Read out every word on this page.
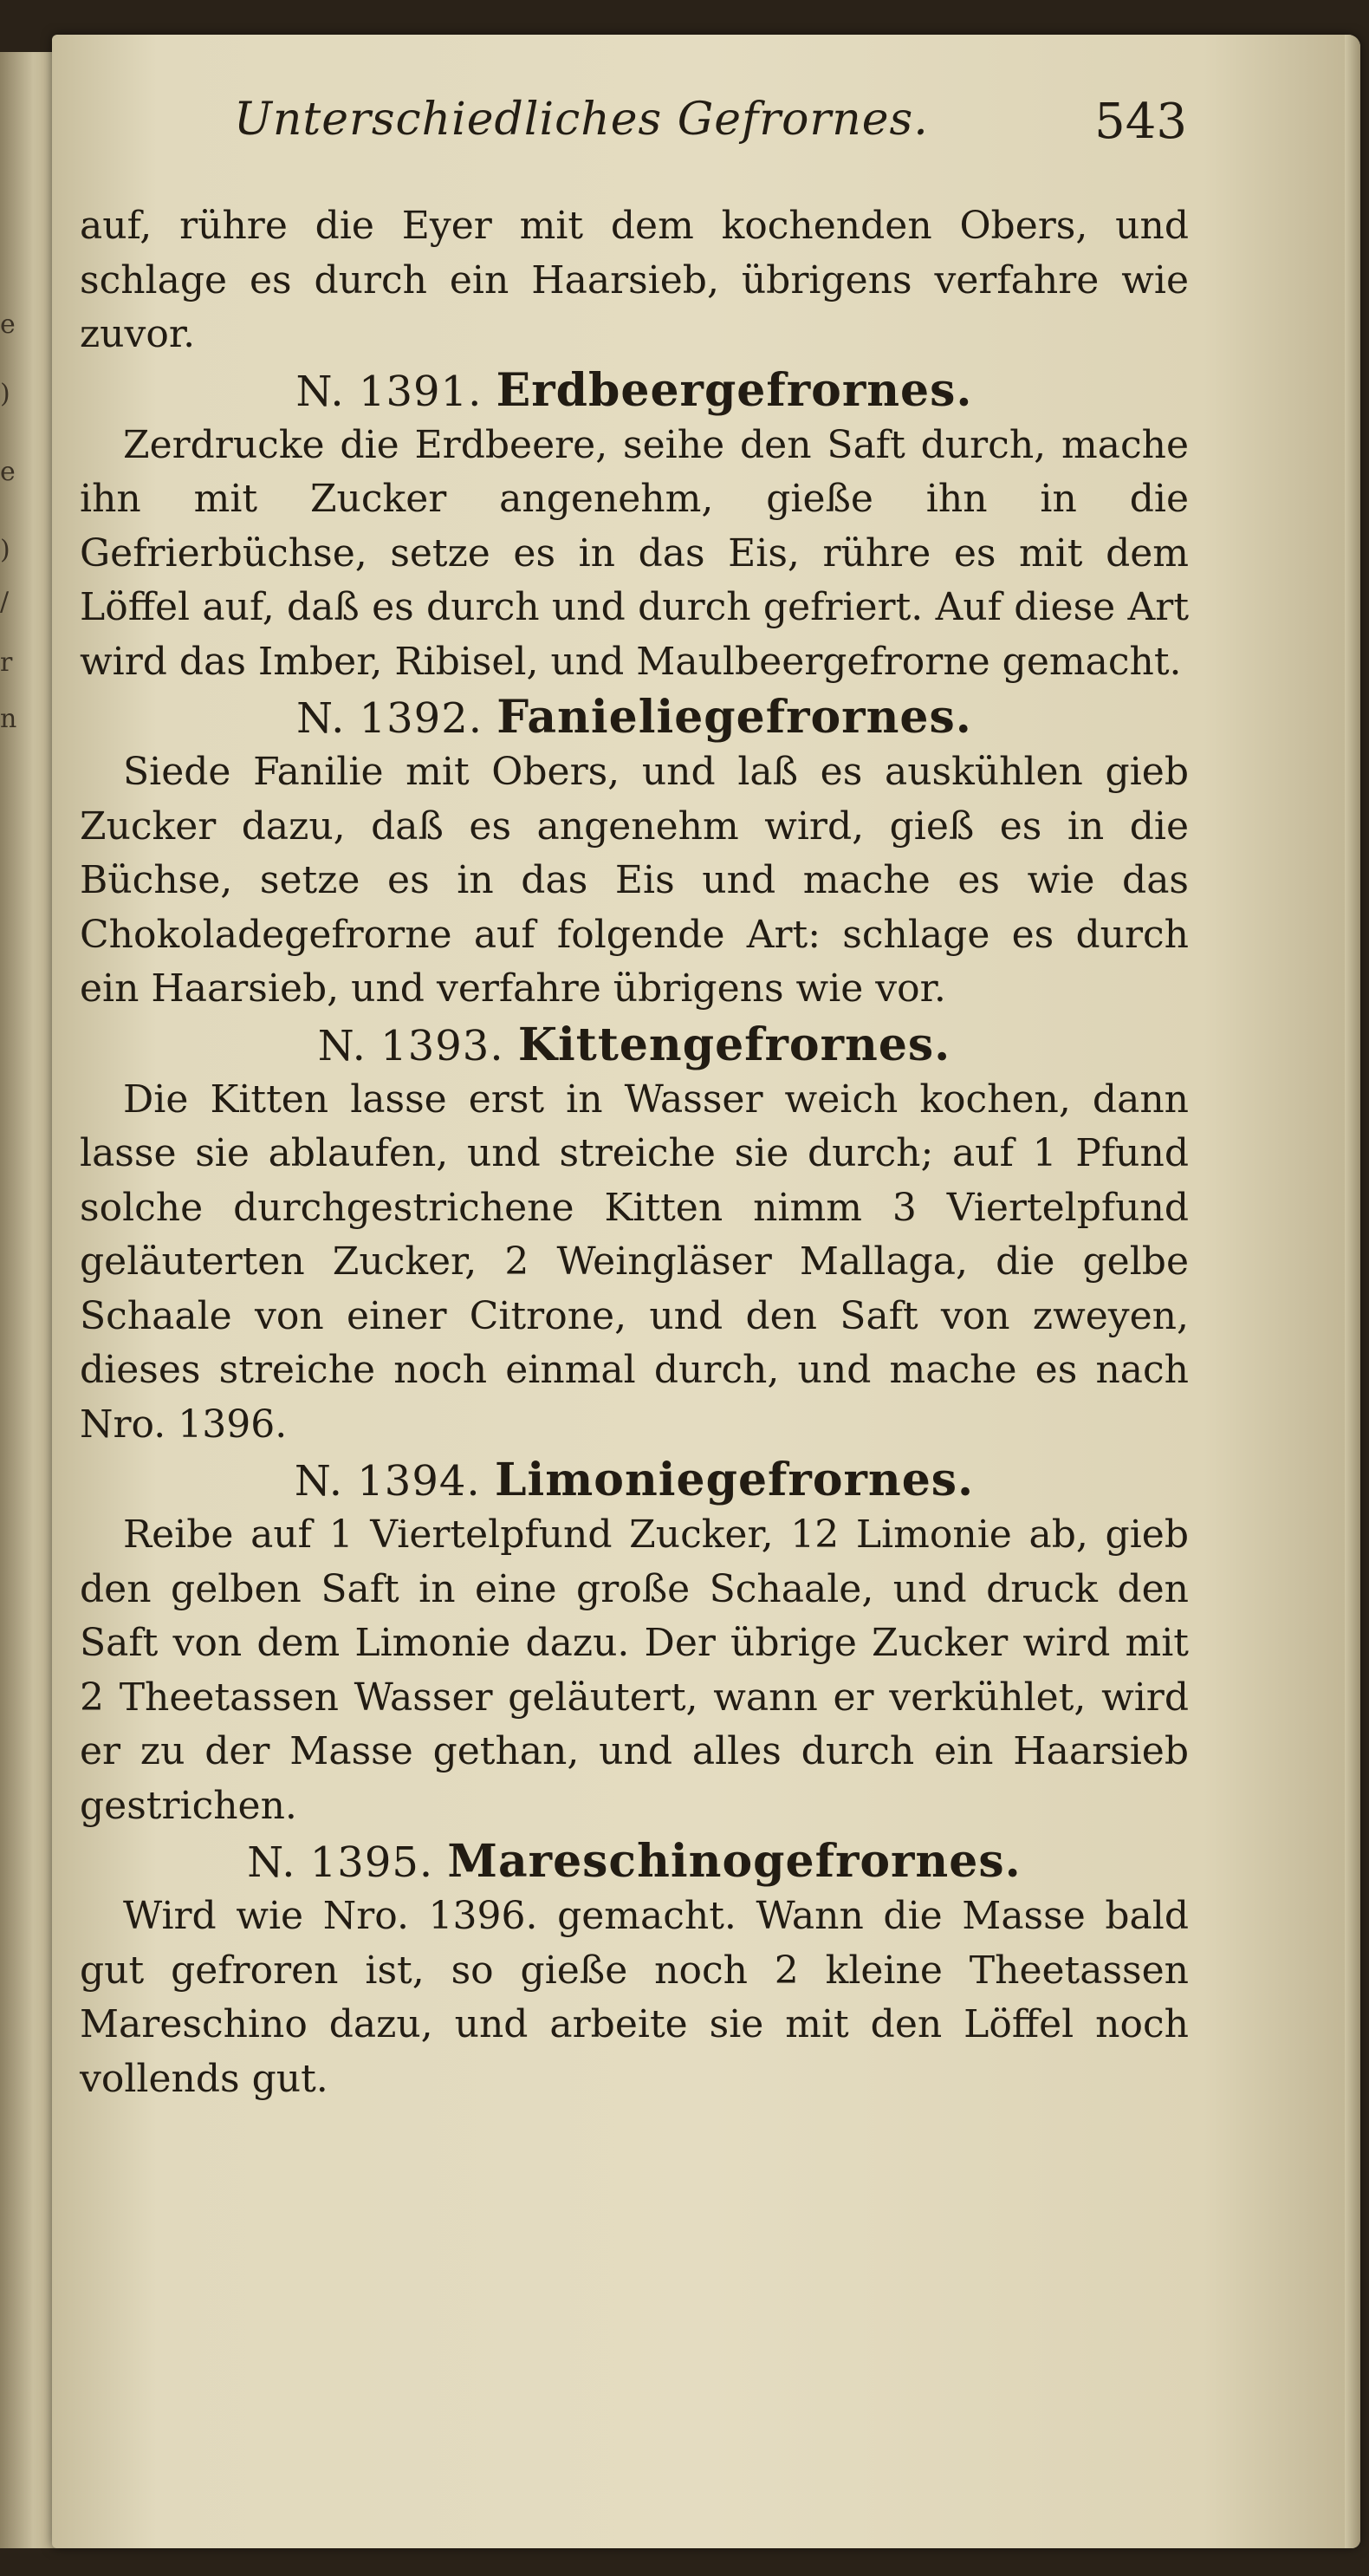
e
)
e
)
/
r
n
Unterschiedliches Gefrornes.	543

auf, rühre die Eyer mit dem kochenden Obers, und schlage es durch ein Haarsieb, übrigens verfahre wie zuvor.

N. 1391. Erdbeergefrornes.

Zerdrucke die Erdbeere, seihe den Saft durch, mache ihn mit Zucker angenehm, gieße ihn in die Gefrierbüchse, setze es in das Eis, rühre es mit dem Löffel auf, daß es durch und durch gefriert. Auf diese Art wird das Imber, Ribisel, und Maulbeergefrorne gemacht.

N. 1392. Fanieliegefrornes.

Siede Fanilie mit Obers, und laß es auskühlen gieb Zucker dazu, daß es angenehm wird, gieß es in die Büchse, setze es in das Eis und mache es wie das Chokoladegefrorne auf folgende Art: schlage es durch ein Haarsieb, und verfahre übrigens wie vor.

N. 1393. Kittengefrornes.

Die Kitten lasse erst in Wasser weich kochen, dann lasse sie ablaufen, und streiche sie durch; auf 1 Pfund solche durchgestrichene Kitten nimm 3 Viertelpfund geläuterten Zucker, 2 Weingläser Mallaga, die gelbe Schaale von einer Citrone, und den Saft von zweyen, dieses streiche noch einmal durch, und mache es nach Nro. 1396.

N. 1394. Limoniegefrornes.

Reibe auf 1 Viertelpfund Zucker, 12 Limonie ab, gieb den gelben Saft in eine große Schaale, und druck den Saft von dem Limonie dazu. Der übrige Zucker wird mit 2 Theetassen Wasser geläutert, wann er verkühlet, wird er zu der Masse gethan, und alles durch ein Haarsieb gestrichen.

N. 1395. Mareschinogefrornes.

Wird wie Nro. 1396. gemacht. Wann die Masse bald gut gefroren ist, so gieße noch 2 kleine Theetassen Mareschino dazu, und arbeite sie mit den Löffel noch vollends gut.
